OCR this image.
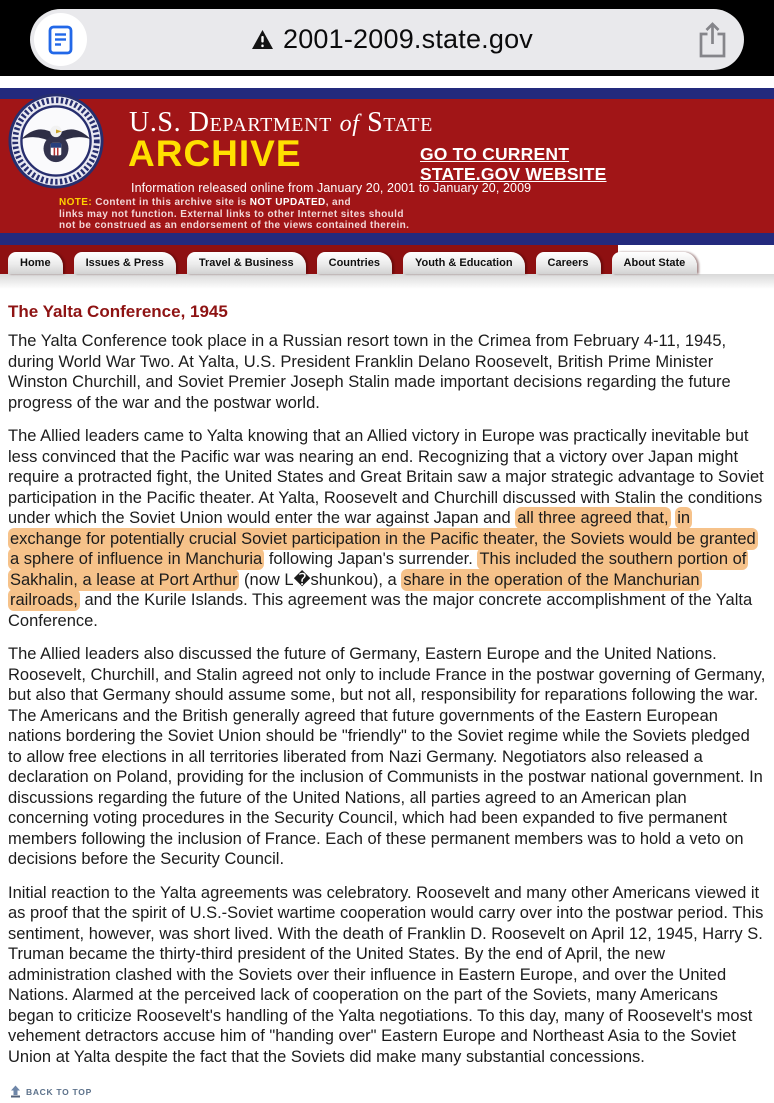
2001-2009.state.gov
U.S. Department of State
ARCHIVE
Information released online from January 20, 2001 to January 20, 2009
NOTE: Content in this archive site is NOT UPDATED, and
links may not function. External links to other Internet sites should
not be construed as an endorsement of the views contained therein.
GO TO CURRENT
STATE.GOV WEBSITE
Home	Issues & Press	Travel & Business	Countries	Youth & Education	Careers	About State
The Yalta Conference, 1945

The Yalta Conference took place in a Russian resort town in the Crimea from February 4-11, 1945, during World War Two. At Yalta, U.S. President Franklin Delano Roosevelt, British Prime Minister Winston Churchill, and Soviet Premier Joseph Stalin made important decisions regarding the future progress of the war and the postwar world.

The Allied leaders came to Yalta knowing that an Allied victory in Europe was practically inevitable but less convinced that the Pacific war was nearing an end. Recognizing that a victory over Japan might require a protracted fight, the United States and Great Britain saw a major strategic advantage to Soviet participation in the Pacific theater. At Yalta, Roosevelt and Churchill discussed with Stalin the conditions under which the Soviet Union would enter the war against Japan and all three agreed that, in exchange for potentially crucial Soviet participation in the Pacific theater, the Soviets would be granted a sphere of influence in Manchuria following Japan's surrender. This included the southern portion of Sakhalin, a lease at Port Arthur (now L�shunkou), a share in the operation of the Manchurian railroads, and the Kurile Islands. This agreement was the major concrete accomplishment of the Yalta Conference.

The Allied leaders also discussed the future of Germany, Eastern Europe and the United Nations. Roosevelt, Churchill, and Stalin agreed not only to include France in the postwar governing of Germany, but also that Germany should assume some, but not all, responsibility for reparations following the war. The Americans and the British generally agreed that future governments of the Eastern European nations bordering the Soviet Union should be "friendly" to the Soviet regime while the Soviets pledged to allow free elections in all territories liberated from Nazi Germany. Negotiators also released a declaration on Poland, providing for the inclusion of Communists in the postwar national government. In discussions regarding the future of the United Nations, all parties agreed to an American plan concerning voting procedures in the Security Council, which had been expanded to five permanent members following the inclusion of France. Each of these permanent members was to hold a veto on decisions before the Security Council.

Initial reaction to the Yalta agreements was celebratory. Roosevelt and many other Americans viewed it as proof that the spirit of U.S.-Soviet wartime cooperation would carry over into the postwar period. This sentiment, however, was short lived. With the death of Franklin D. Roosevelt on April 12, 1945, Harry S. Truman became the thirty-third president of the United States. By the end of April, the new administration clashed with the Soviets over their influence in Eastern Europe, and over the United Nations. Alarmed at the perceived lack of cooperation on the part of the Soviets, many Americans began to criticize Roosevelt's handling of the Yalta negotiations. To this day, many of Roosevelt's most vehement detractors accuse him of "handing over" Eastern Europe and Northeast Asia to the Soviet Union at Yalta despite the fact that the Soviets did make many substantial concessions.

BACK TO TOP
